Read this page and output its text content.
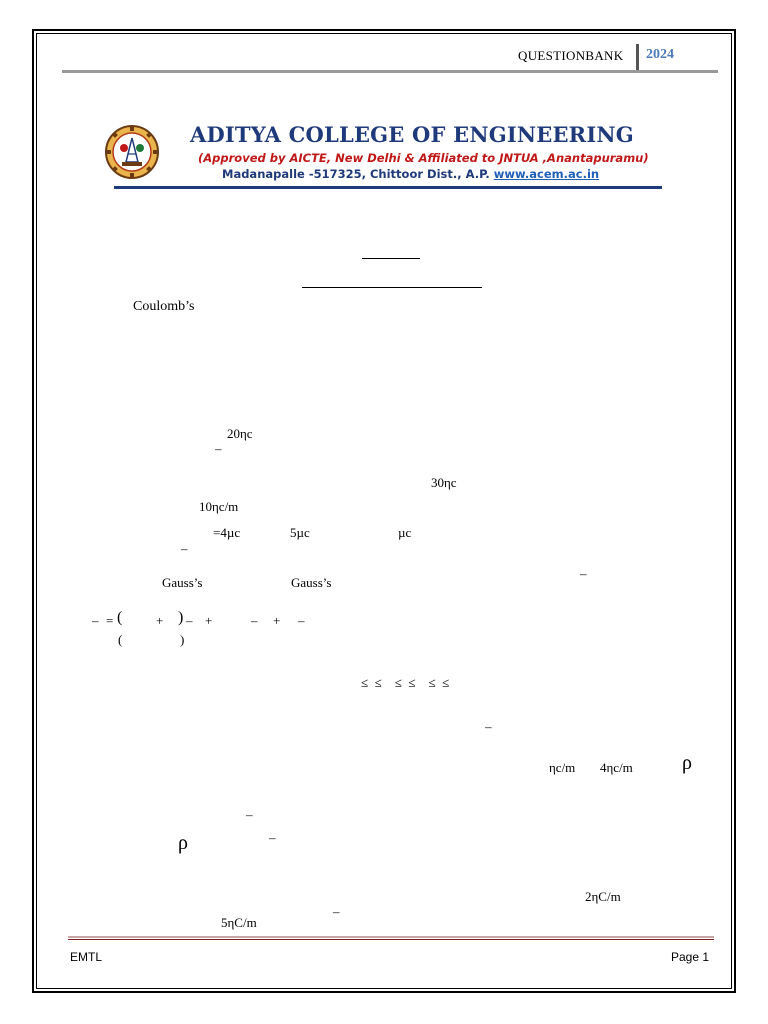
QUESTIONBANK 2024
ADITYA COLLEGE OF ENGINEERING
(Approved by AICTE, New Delhi & Affiliated to JNTUA ,Anantapuramu)
Madanapalle -517325, Chittoor Dist., A.P. www.acem.ac.in
Coulomb’s
20ηc
–
30ηc
10ηc/m
=4µc	5µc	µc
–
Gauss’s	Gauss’s
–
– = (	+ ) – +	– + –
(	)
≤  ≤    ≤  ≤    ≤  ≤
–
ηc/m 4ηc/m ρ
–
ρ	–
2ηC/m
–
5ηC/m
EMTL	Page 1
